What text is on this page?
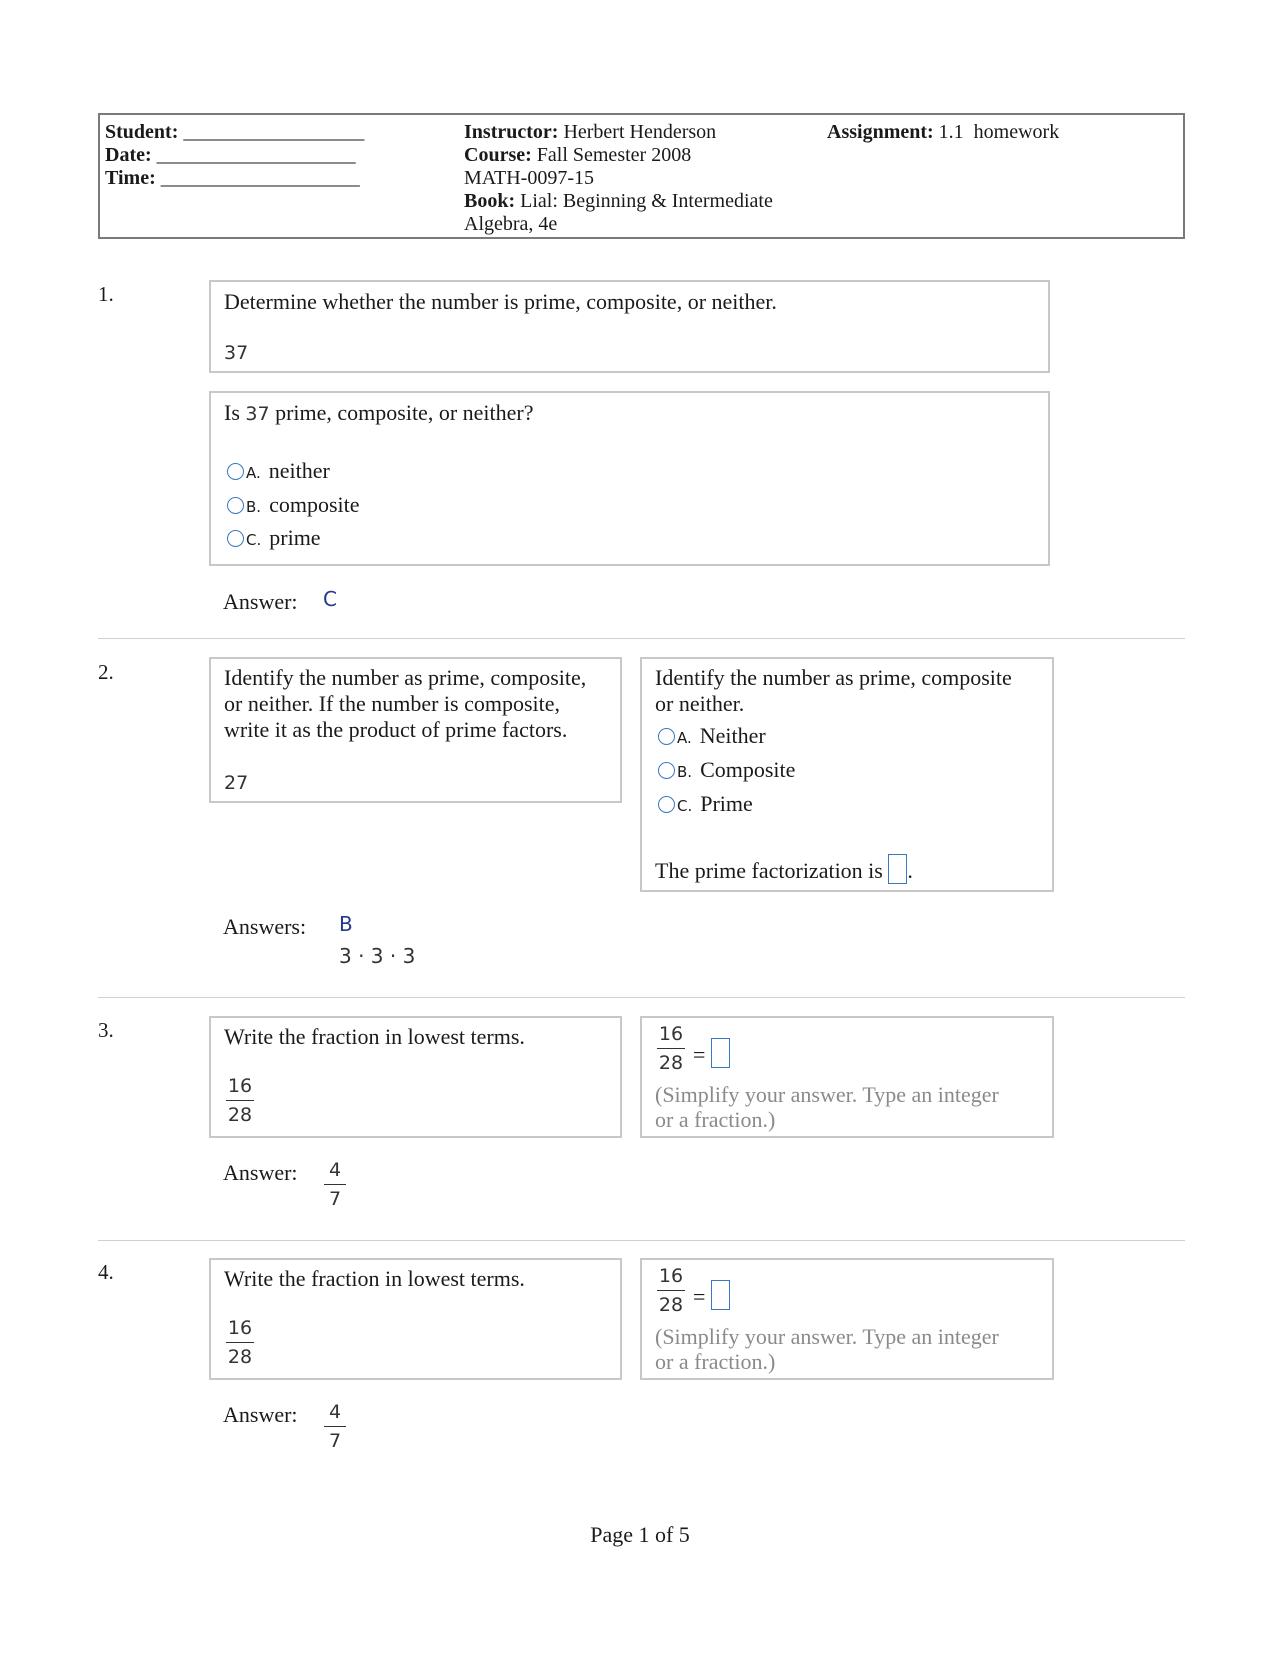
Student: ____________________
Date: ______________________
Time: ______________________
Instructor: Herbert Henderson
Course: Fall Semester 2008
MATH-0097-15
Book: Lial: Beginning & Intermediate
Algebra, 4e
Assignment: 1.1  homework
1.	Determine whether the number is prime, composite, or neither.
37
Is 37 prime, composite, or neither?
A. neither
B. composite
C. prime
Answer: C
2.	Identify the number as prime, composite,
or neither. If the number is composite,
write it as the product of prime factors.
27
Identify the number as prime, composite
or neither.
A. Neither
B. Composite
C. Prime
The prime factorization is .
Answers: B
3 · 3 · 3
3.	Write the fraction in lowest terms.
16
28
16
28 =
(Simplify your answer. Type an integer
or a fraction.)
Answer: 4
7
4.	Write the fraction in lowest terms.
16
28
16
28 =
(Simplify your answer. Type an integer
or a fraction.)
Answer: 4
7
Page 1 of 5
